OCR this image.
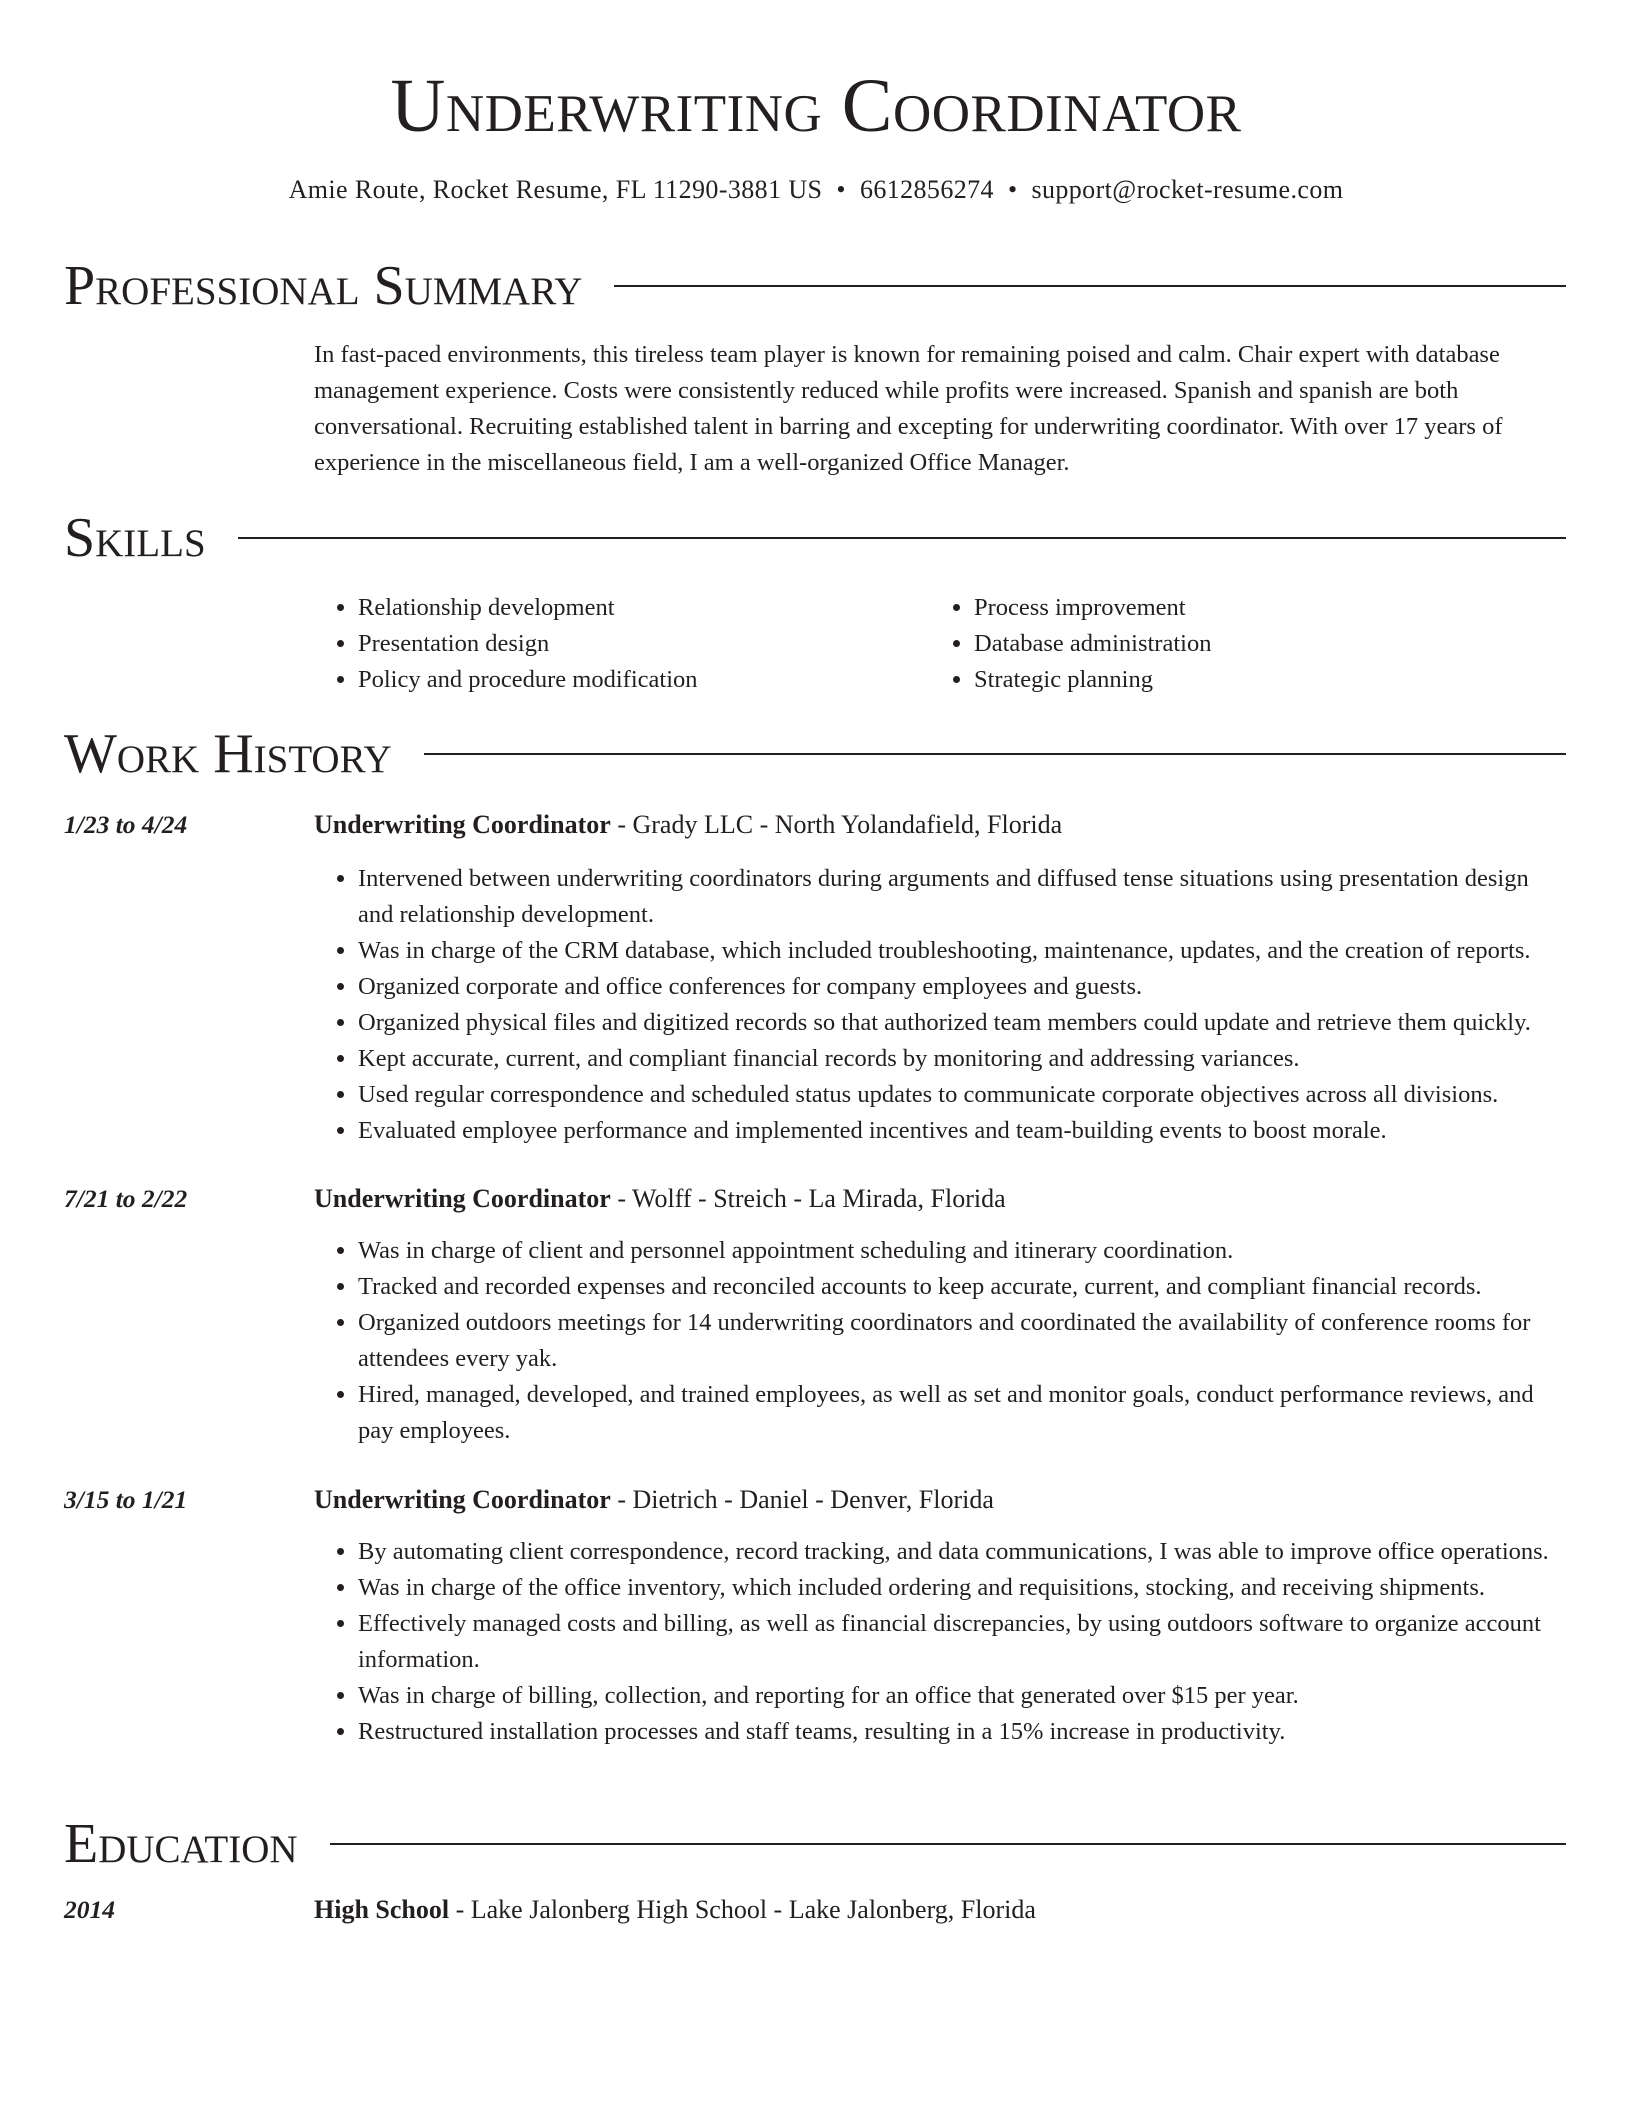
Underwriting Coordinator
Amie Route, Rocket Resume, FL 11290-3881 US • 6612856274 • support@rocket-resume.com
Professional Summary

In fast-paced environments, this tireless team player is known for remaining poised and calm. Chair expert with database management experience. Costs were consistently reduced while profits were increased. Spanish and spanish are both conversational. Recruiting established talent in barring and excepting for underwriting coordinator. With over 17 years of experience in the miscellaneous field, I am a well-organized Office Manager.

Skills
• Relationship development
• Presentation design
• Policy and procedure modification
• Process improvement
• Database administration
• Strategic planning
Work History
1/23 to 4/24	Underwriting Coordinator - Grady LLC - North Yolandafield, Florida
• Intervened between underwriting coordinators during arguments and diffused tense situations using presentation design and relationship development.
• Was in charge of the CRM database, which included troubleshooting, maintenance, updates, and the creation of reports.
• Organized corporate and office conferences for company employees and guests.
• Organized physical files and digitized records so that authorized team members could update and retrieve them quickly.
• Kept accurate, current, and compliant financial records by monitoring and addressing variances.
• Used regular correspondence and scheduled status updates to communicate corporate objectives across all divisions.
• Evaluated employee performance and implemented incentives and team-building events to boost morale.
7/21 to 2/22	Underwriting Coordinator - Wolff - Streich - La Mirada, Florida
• Was in charge of client and personnel appointment scheduling and itinerary coordination.
• Tracked and recorded expenses and reconciled accounts to keep accurate, current, and compliant financial records.
• Organized outdoors meetings for 14 underwriting coordinators and coordinated the availability of conference rooms for attendees every yak.
• Hired, managed, developed, and trained employees, as well as set and monitor goals, conduct performance reviews, and pay employees.
3/15 to 1/21	Underwriting Coordinator - Dietrich - Daniel - Denver, Florida
• By automating client correspondence, record tracking, and data communications, I was able to improve office operations.
• Was in charge of the office inventory, which included ordering and requisitions, stocking, and receiving shipments.
• Effectively managed costs and billing, as well as financial discrepancies, by using outdoors software to organize account information.
• Was in charge of billing, collection, and reporting for an office that generated over $15 per year.
• Restructured installation processes and staff teams, resulting in a 15% increase in productivity.
Education
2014	High School - Lake Jalonberg High School - Lake Jalonberg, Florida
